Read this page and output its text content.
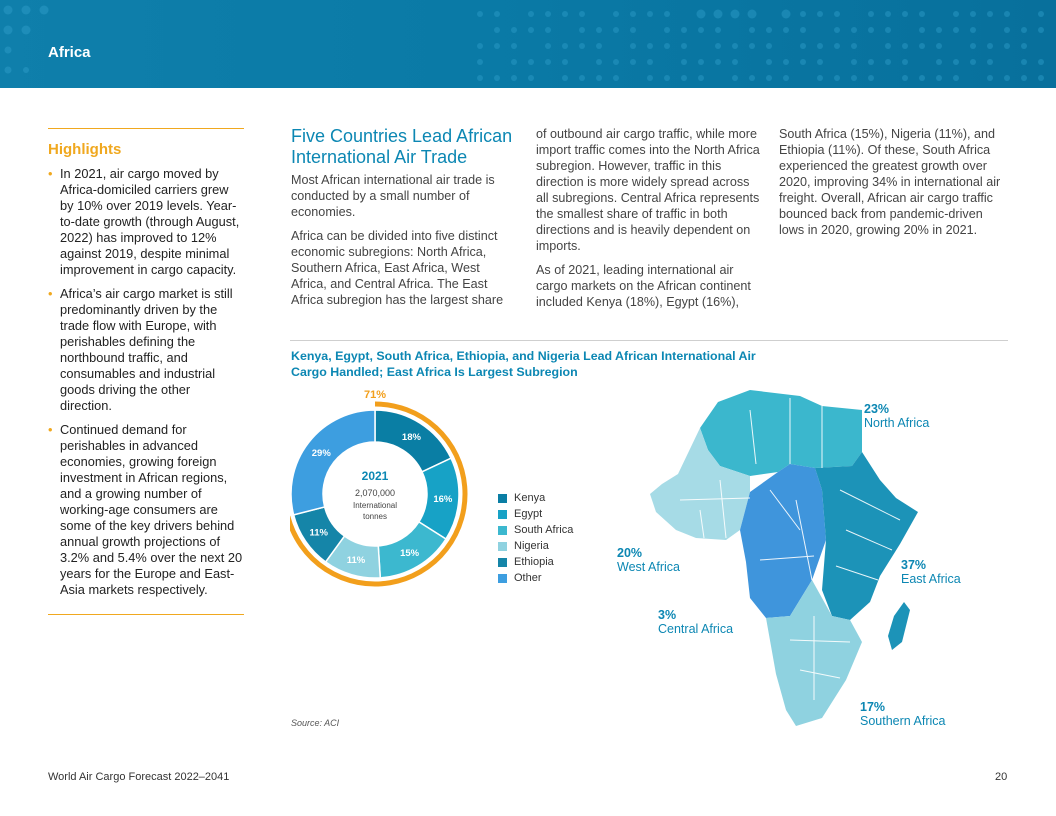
Africa
Highlights
• In 2021, air cargo moved by Africa-domiciled carriers grew by 10% over 2019 levels. Year-to-date growth (through August, 2022) has improved to 12% against 2019, despite minimal improvement in cargo capacity.
• Africa’s air cargo market is still predominantly driven by the trade flow with Europe, with perishables defining the northbound traffic, and consumables and industrial goods driving the other direction.
• Continued demand for perishables in advanced economies, growing foreign investment in African regions, and a growing number of working-age consumers are some of the key drivers behind annual growth projections of 3.2% and 5.4% over the next 20 years for the Europe and East-Asia markets respectively.
Five Countries Lead African International Air Trade

Most African international air trade is conducted by a small number of economies.

Africa can be divided into five distinct economic subregions: North Africa, Southern Africa, East Africa, West Africa, and Central Africa. The East Africa subregion has the largest share

of outbound air cargo traffic, while more import traffic comes into the North Africa subregion. However, traffic in this direction is more widely spread across all subregions. Central Africa represents the smallest share of traffic in both directions and is heavily dependent on imports.

As of 2021, leading international air cargo markets on the African continent included Kenya (18%), Egypt (16%),

South Africa (15%), Nigeria (11%), and Ethiopia (11%). Of these, South Africa experienced the greatest growth over 2020, improving 34% in international air freight. Overall, African air cargo traffic bounced back from pandemic-driven lows in 2020, growing 20% in 2021.

Kenya, Egypt, South Africa, Ethiopia, and Nigeria Lead African International Air Cargo Handled; East Africa Is Largest Subregion
18%
16%
15%
11%
11%
29%
71%
2021
2,070,000
International
tonnes
Kenya
Egypt
South Africa
Nigeria
Ethiopia
Other
23%
North Africa
20%
West Africa	37%
East Africa
3%
Central Africa
17%
Southern Africa
Source: ACI
World Air Cargo Forecast 2022–2041	20
